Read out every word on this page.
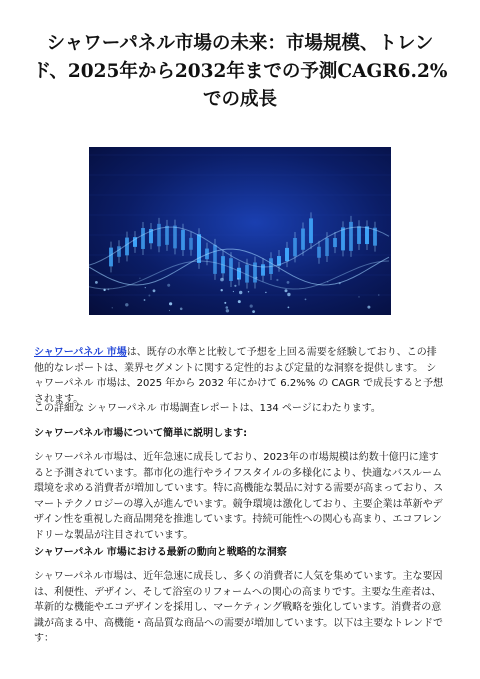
シャワーパネル市場の未来：市場規模、トレンド、2025年から2032年までの予測CAGR6.2%での成長

シャワーパネル 市場は、既存の水準と比較して予想を上回る需要を経験しており、この排他的なレポートは、業界セグメントに関する定性的および定量的な洞察を提供します。 シャワーパネル 市場は、2025 年から 2032 年にかけて 6.2%% の CAGR で成長すると予想されます。

この詳細な シャワーパネル 市場調査レポートは、134 ページにわたります。

シャワーパネル市場について簡単に説明します:

シャワーパネル市場は、近年急速に成長しており、2023年の市場規模は約数十億円に達すると予測されています。都市化の進行やライフスタイルの多様化により、快適なバスルーム環境を求める消費者が増加しています。特に高機能な製品に対する需要が高まっており、スマートテクノロジーの導入が進んでいます。競争環境は激化しており、主要企業は革新やデザイン性を重視した商品開発を推進しています。持続可能性への関心も高まり、エコフレンドリーな製品が注目されています。

シャワーパネル 市場における最新の動向と戦略的な洞察

シャワーパネル市場は、近年急速に成長し、多くの消費者に人気を集めています。主な要因は、利便性、デザイン、そして浴室のリフォームへの関心の高まりです。主要な生産者は、革新的な機能やエコデザインを採用し、マーケティング戦略を強化しています。消費者の意識が高まる中、高機能・高品質な商品への需要が増加しています。以下は主要なトレンドです：
